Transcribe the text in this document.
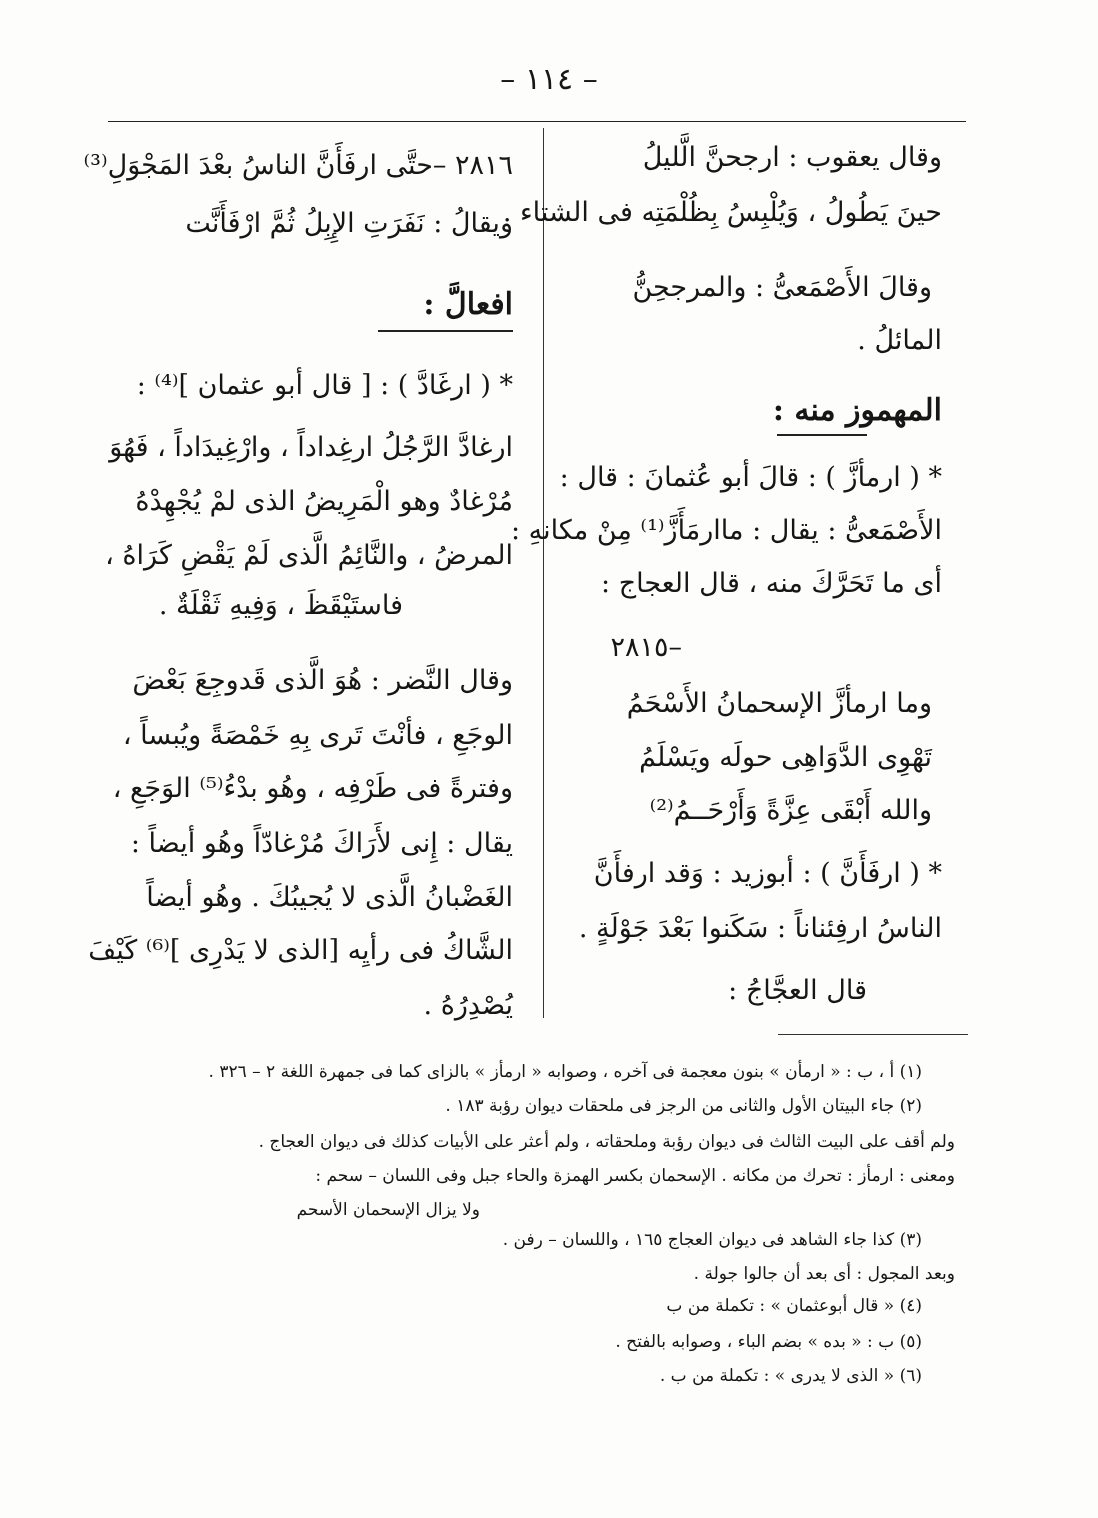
– ١١٤ –
وقال يعقوب : ارجحنَّ الَّليلُ
حينَ يَطُولُ ، وَيُلْبِسُ بِظُلْمَتِه فى الشتاء .
وقالَ الأَصْمَعىُّ : والمرجحِنُّ
المائلُ .
المهموز منه :
* ( ارمأزَّ ) : قالَ أبو عُثمانَ : قال :
الأَصْمَعىُّ : يقال : ماارمَأَزَّ⁽¹⁾ مِنْ مكانهِ :
أى ما تَحَرَّكَ منه ، قال العجاج :
–٢٨١٥
وما ارمأزَّ الإسحمانُ الأَسْحَمُ
تَهْوِى الدَّوَاهِى حولَه ويَسْلَمُ
والله أَبْقَى عِزَّةً وَأَرْحَــمُ⁽²⁾
* ( ارفَأَنَّ ) : أبوزيد : وَقد ارفأَنَّ
الناسُ ارفِئناناً : سَكَنوا بَعْدَ جَوْلَةٍ .
قال العجَّاجُ :
٢٨١٦ –حتَّى ارفَأَنَّ الناسُ بعْدَ المَجْوَلِ⁽³⁾
ويقالُ : نَفَرَتِ الإِبِلُ ثُمَّ ارْفَأَنَّت
افعالَّ :
* ( ارغَادَّ ) : [ قال أبو عثمان ]⁽⁴⁾ :
ارغادَّ الرَّجُلُ ارغِداداً ، وارْغِيدَاداً ، فَهُوَ
مُرْغادٌ وهو الْمَرِيضُ الذى لمْ يُجْهِدْهُ
المرضُ ، والنَّائِمُ الَّذى لَمْ يَقْضِ كَرَاهُ ،
فاستَيْقَظَ ، وَفِيهِ ثَقْلَةٌ .
وقال النَّضر : هُوَ الَّذى قَدوجِعَ بَعْضَ
الوجَعِ ، فأنْتَ تَرى بِهِ خَمْصَةً ويُبساً ،
وفترةً فى طَرْفِه ، وهُو بدْءُ⁽⁵⁾ الوَجَعِ ،
يقال : إِنى لأَرَاكَ مُرْغادّاً وهُو أيضاً :
الغَضْبانُ الَّذى لا يُجيبُكَ . وهُو أيضاً
الشَّاكُ فى رأيِه [الذى لا يَدْرِى ]⁽⁶⁾ كَيْفَ
يُصْدِرُهُ .
(١) أ ، ب : « ارمأن » بنون معجمة فى آخره ، وصوابه « ارمأز » بالزاى كما فى جمهرة اللغة ٢ – ٣٢٦ .
(٢) جاء البيتان الأول والثانى من الرجز فى ملحقات ديوان رؤبة ١٨٣ .
ولم أقف على البيت الثالث فى ديوان رؤبة وملحقاته ، ولم أعثر على الأبيات كذلك فى ديوان العجاج .
ومعنى : ارمأز : تحرك من مكانه . الإسحمان بكسر الهمزة والحاء جبل وفى اللسان – سحم :
ولا يزال الإسحمان الأسحم
(٣) كذا جاء الشاهد فى ديوان العجاج ١٦٥ ، واللسان – رفن .
وبعد المجول : أى بعد أن جالوا جولة .
(٤) « قال أبوعثمان » : تكملة من ب
(٥) ب : « بده » بضم الباء ، وصوابه بالفتح .
(٦) « الذى لا يدرى » : تكملة من ب .
